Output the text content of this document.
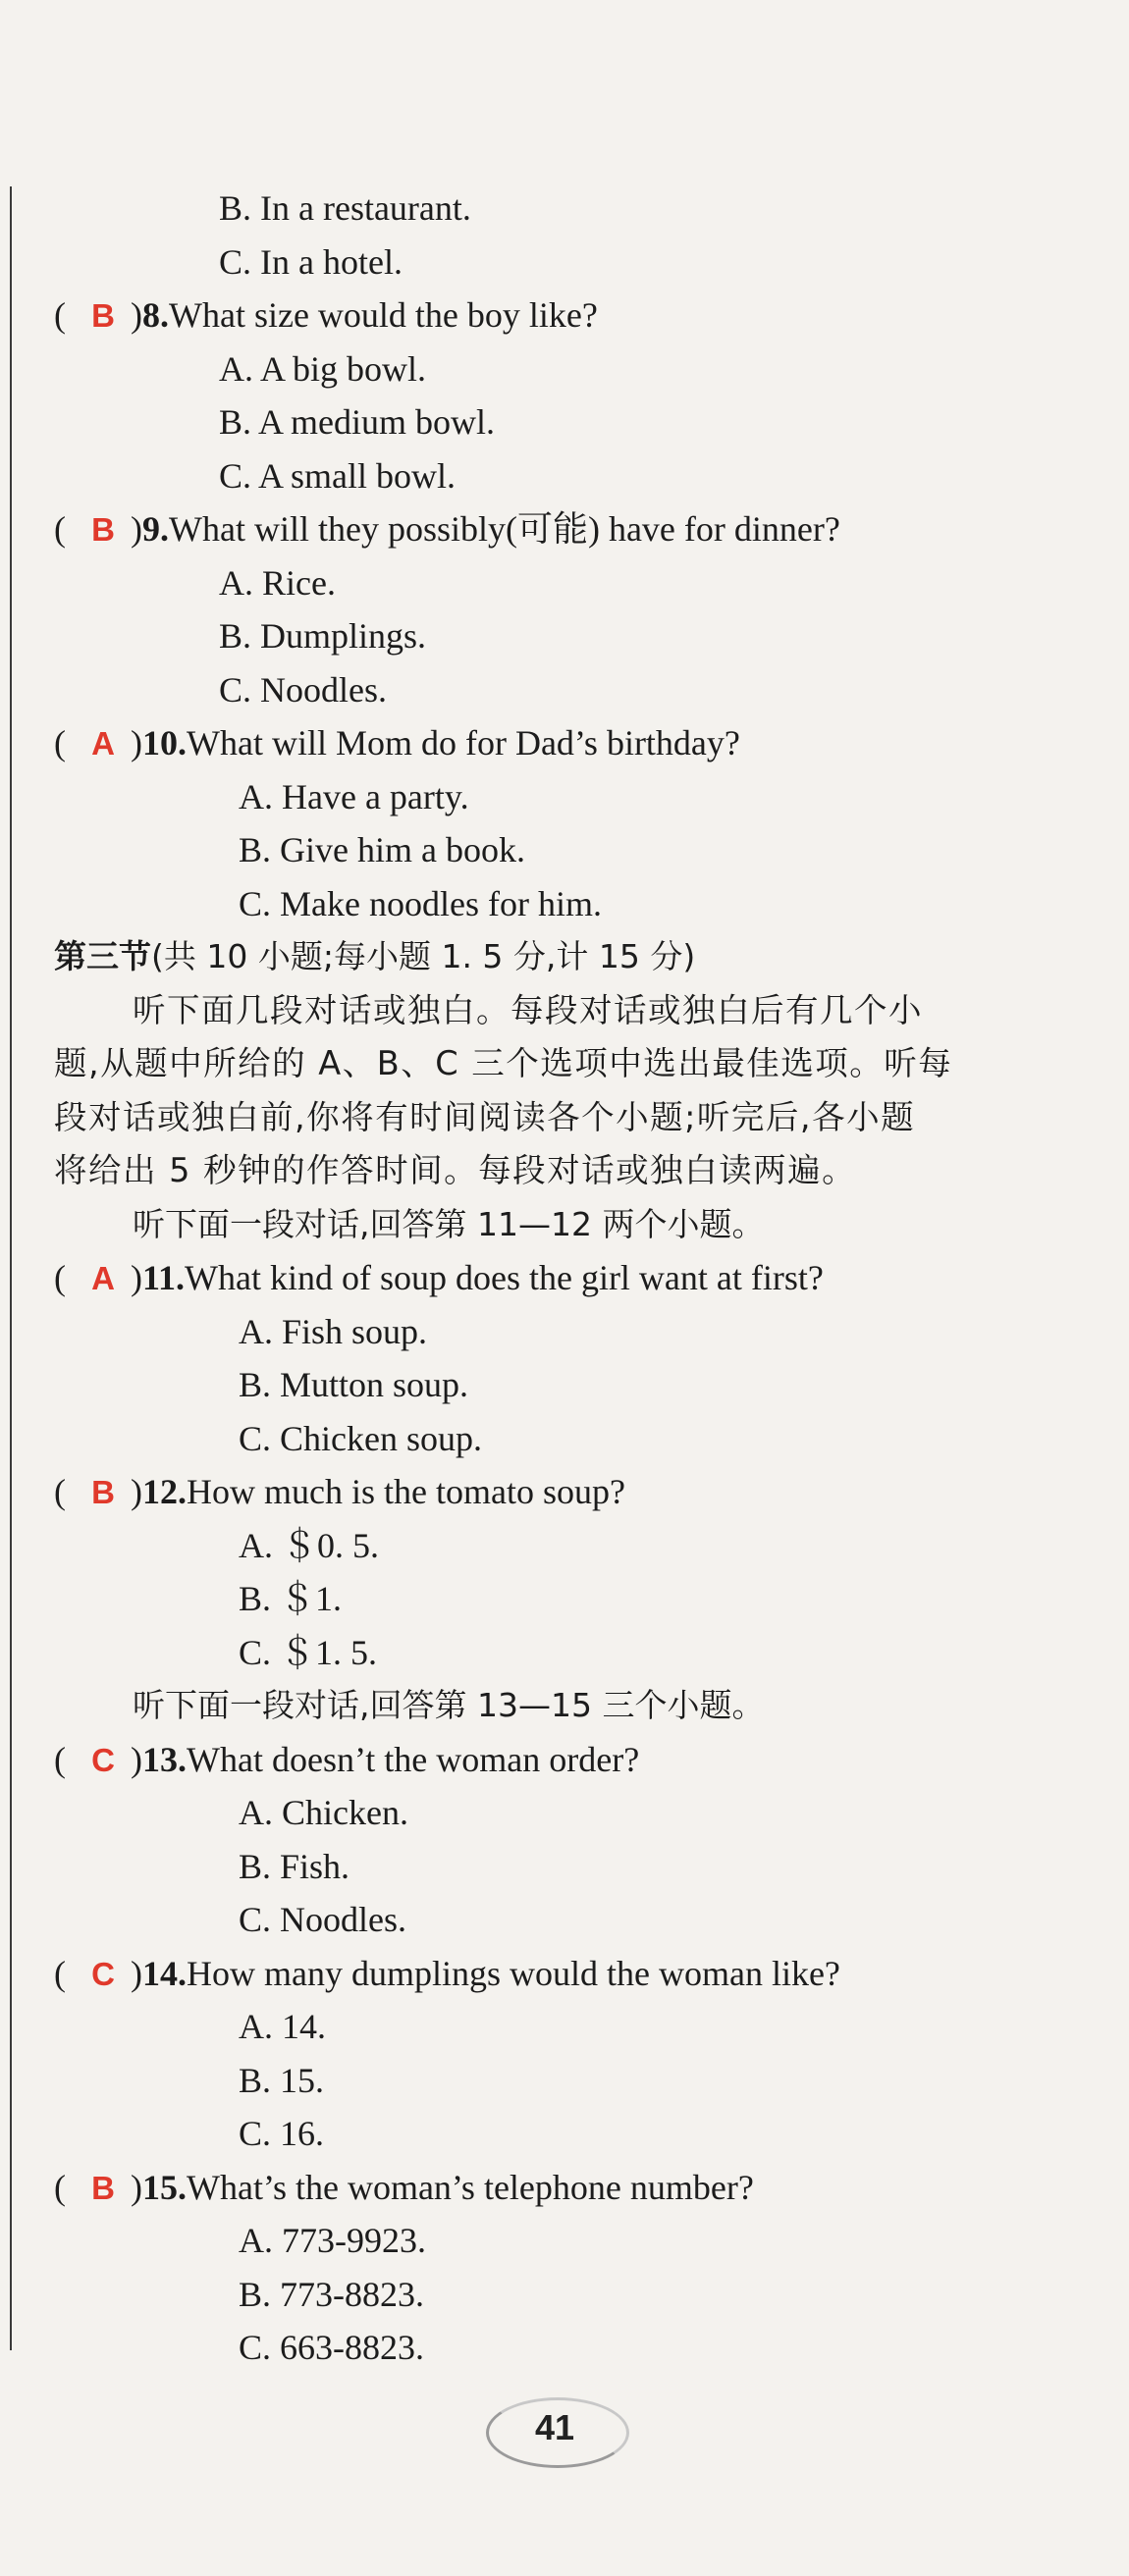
B. In a restaurant.
C. In a hotel.
( B ) 8. What size would the boy like?
A. A big bowl.
B. A medium bowl.
C. A small bowl.
( B ) 9. What will they possibly(可能) have for dinner?
A. Rice.
B. Dumplings.
C. Noodles.
( A ) 10. What will Mom do for Dad’s birthday?
A. Have a party.
B. Give him a book.
C. Make noodles for him.
第三节(共 10 小题;每小题 1. 5 分,计 15 分)
听下面几段对话或独白。每段对话或独白后有几个小
题,从题中所给的 A、B、C 三个选项中选出最佳选项。听每
段对话或独白前,你将有时间阅读各个小题;听完后,各小题
将给出 5 秒钟的作答时间。每段对话或独白读两遍。
听下面一段对话,回答第 11—12 两个小题。
( A ) 11. What kind of soup does the girl want at first?
A. Fish soup.
B. Mutton soup.
C. Chicken soup.
( B ) 12. How much is the tomato soup?
A. ＄0. 5.
B. ＄1.
C. ＄1. 5.
听下面一段对话,回答第 13—15 三个小题。
( C ) 13. What doesn’t the woman order?
A. Chicken.
B. Fish.
C. Noodles.
( C ) 14. How many dumplings would the woman like?
A. 14.
B. 15.
C. 16.
( B ) 15. What’s the woman’s telephone number?
A. 773-9923.
B. 773-8823.
C. 663-8823.
41
